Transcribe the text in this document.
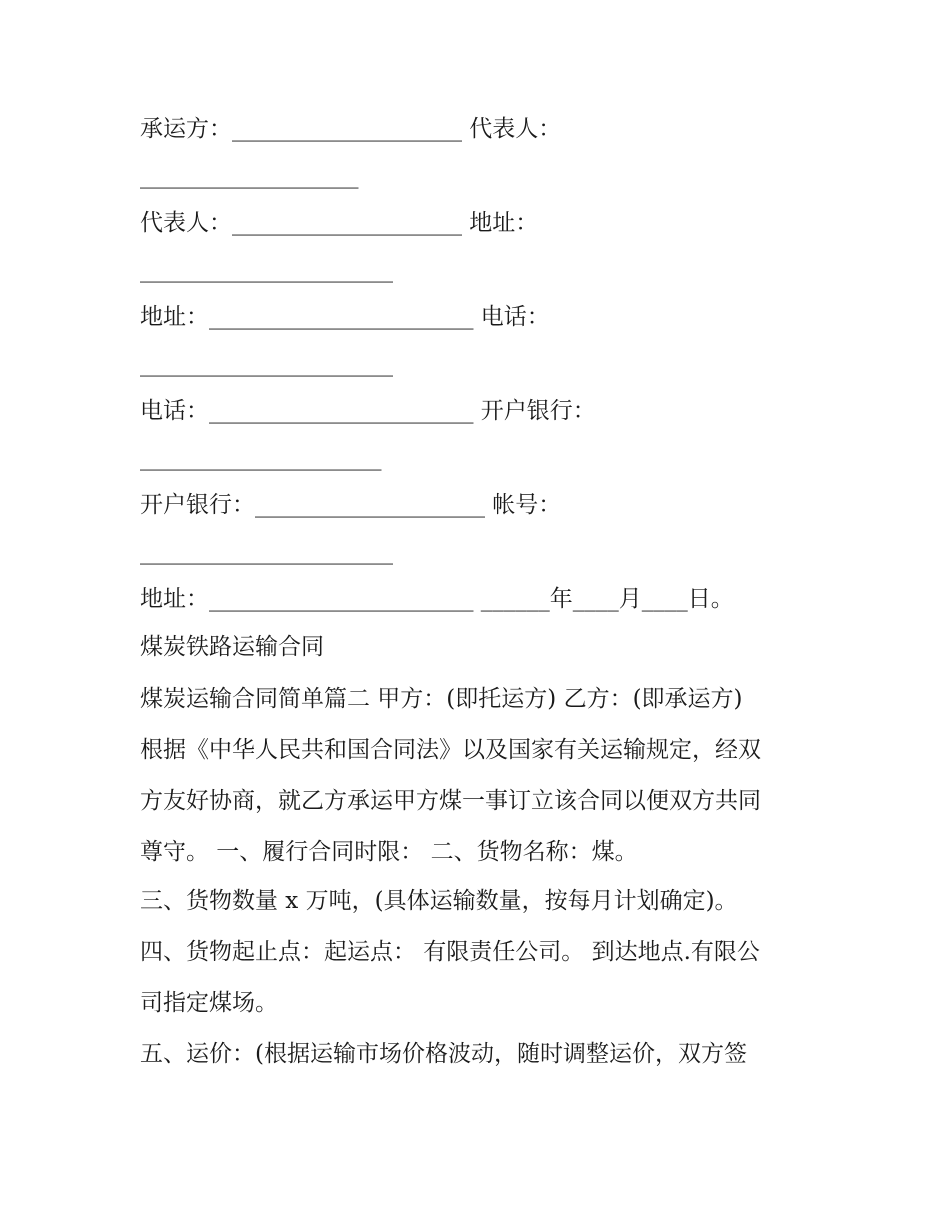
承运方：____________________ 代表人：

___________________

代表人：____________________ 地址：

______________________

地址：_______________________ 电话：

______________________

电话：_______________________ 开户银行：

_____________________

开户银行：____________________ 帐号：

______________________

地址：_______________________ ______年____月____日。

煤炭铁路运输合同

煤炭运输合同简单篇二 甲方：(即托运方) 乙方：(即承运方)

根据《中华人民共和国合同法》以及国家有关运输规定，经双

方友好协商，就乙方承运甲方煤一事订立该合同以便双方共同

尊守。 一、履行合同时限： 二、货物名称：煤。

三、货物数量 x 万吨，(具体运输数量，按每月计划确定)。

四、货物起止点：起运点： 有限责任公司。 到达地点.有限公

司指定煤场。

五、运价：(根据运输市场价格波动，随时调整运价，双方签
